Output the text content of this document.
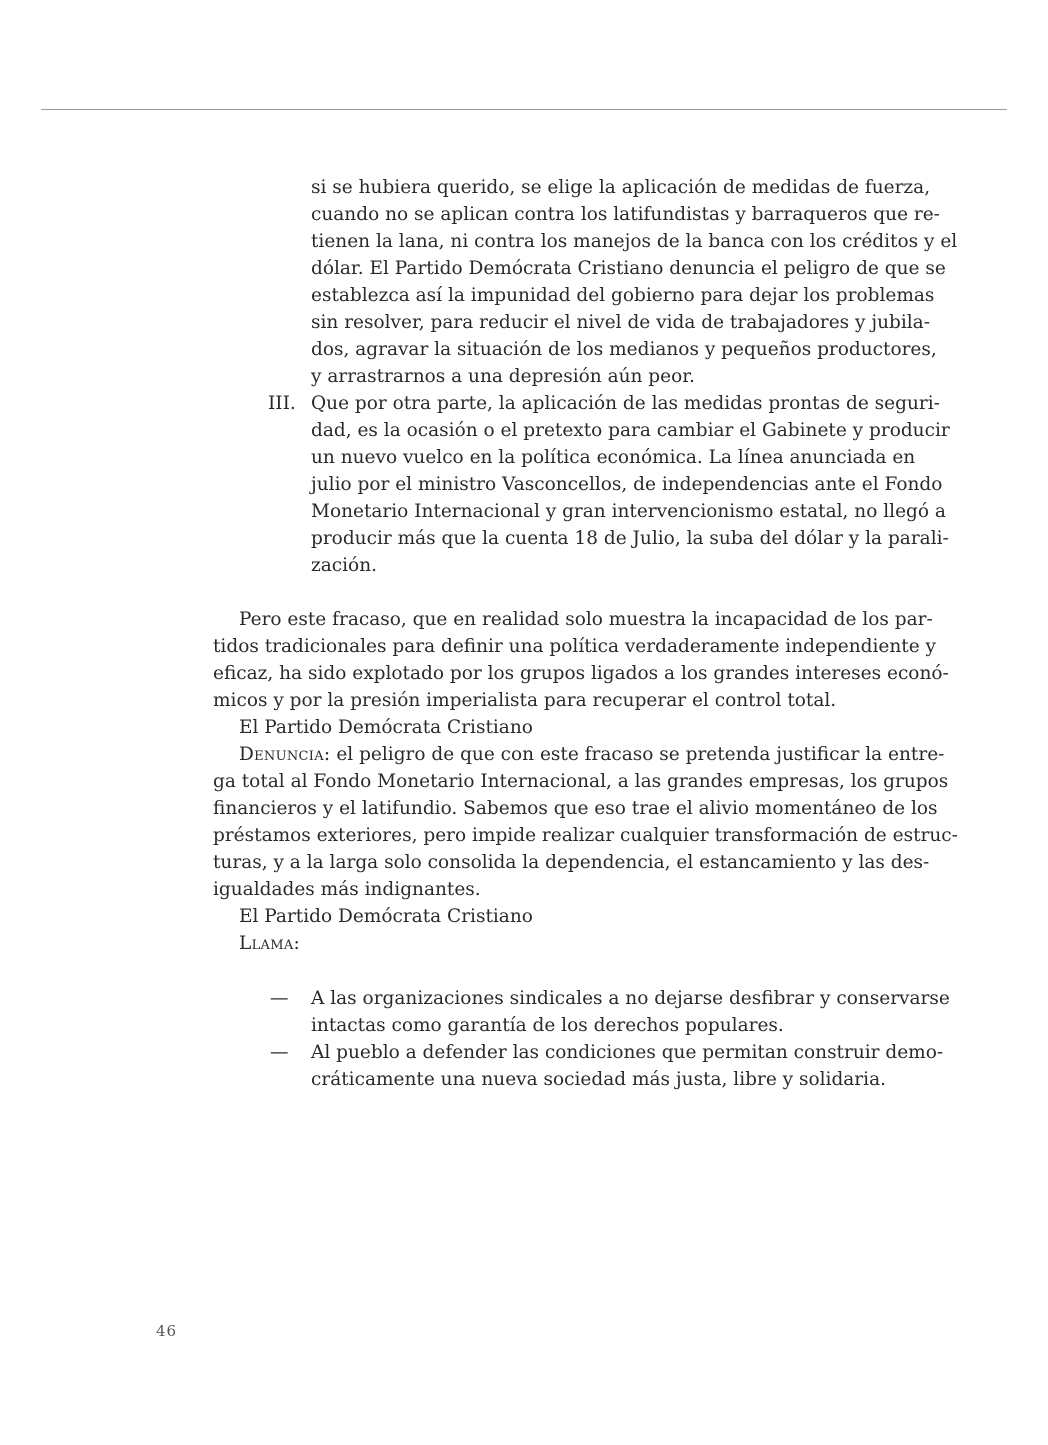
si se hubiera querido, se elige la aplicación de medidas de fuerza,
cuando no se aplican contra los latifundistas y barraqueros que re-
tienen la lana, ni contra los manejos de la banca con los créditos y el
dólar. El Partido Demócrata Cristiano denuncia el peligro de que se
establezca así la impunidad del gobierno para dejar los problemas
sin resolver, para reducir el nivel de vida de trabajadores y jubila-
dos, agravar la situación de los medianos y pequeños productores,
y arrastrarnos a una depresión aún peor.
III. Que por otra parte, la aplicación de las medidas prontas de seguri-
dad, es la ocasión o el pretexto para cambiar el Gabinete y producir
un nuevo vuelco en la política económica. La línea anunciada en
julio por el ministro Vasconcellos, de independencias ante el Fondo
Monetario Internacional y gran intervencionismo estatal, no llegó a
producir más que la cuenta 18 de Julio, la suba del dólar y la parali-
zación.
Pero este fracaso, que en realidad solo muestra la incapacidad de los par-
tidos tradicionales para definir una política verdaderamente independiente y
eficaz, ha sido explotado por los grupos ligados a los grandes intereses econó-
micos y por la presión imperialista para recuperar el control total.
El Partido Demócrata Cristiano
Denuncia: el peligro de que con este fracaso se pretenda justificar la entre-
ga total al Fondo Monetario Internacional, a las grandes empresas, los grupos
financieros y el latifundio. Sabemos que eso trae el alivio momentáneo de los
préstamos exteriores, pero impide realizar cualquier transformación de estruc-
turas, y a la larga solo consolida la dependencia, el estancamiento y las des-
igualdades más indignantes.
El Partido Demócrata Cristiano
Llama:
— A las organizaciones sindicales a no dejarse desfibrar y conservarse
intactas como garantía de los derechos populares.
— Al pueblo a defender las condiciones que permitan construir demo-
cráticamente una nueva sociedad más justa, libre y solidaria.
46
